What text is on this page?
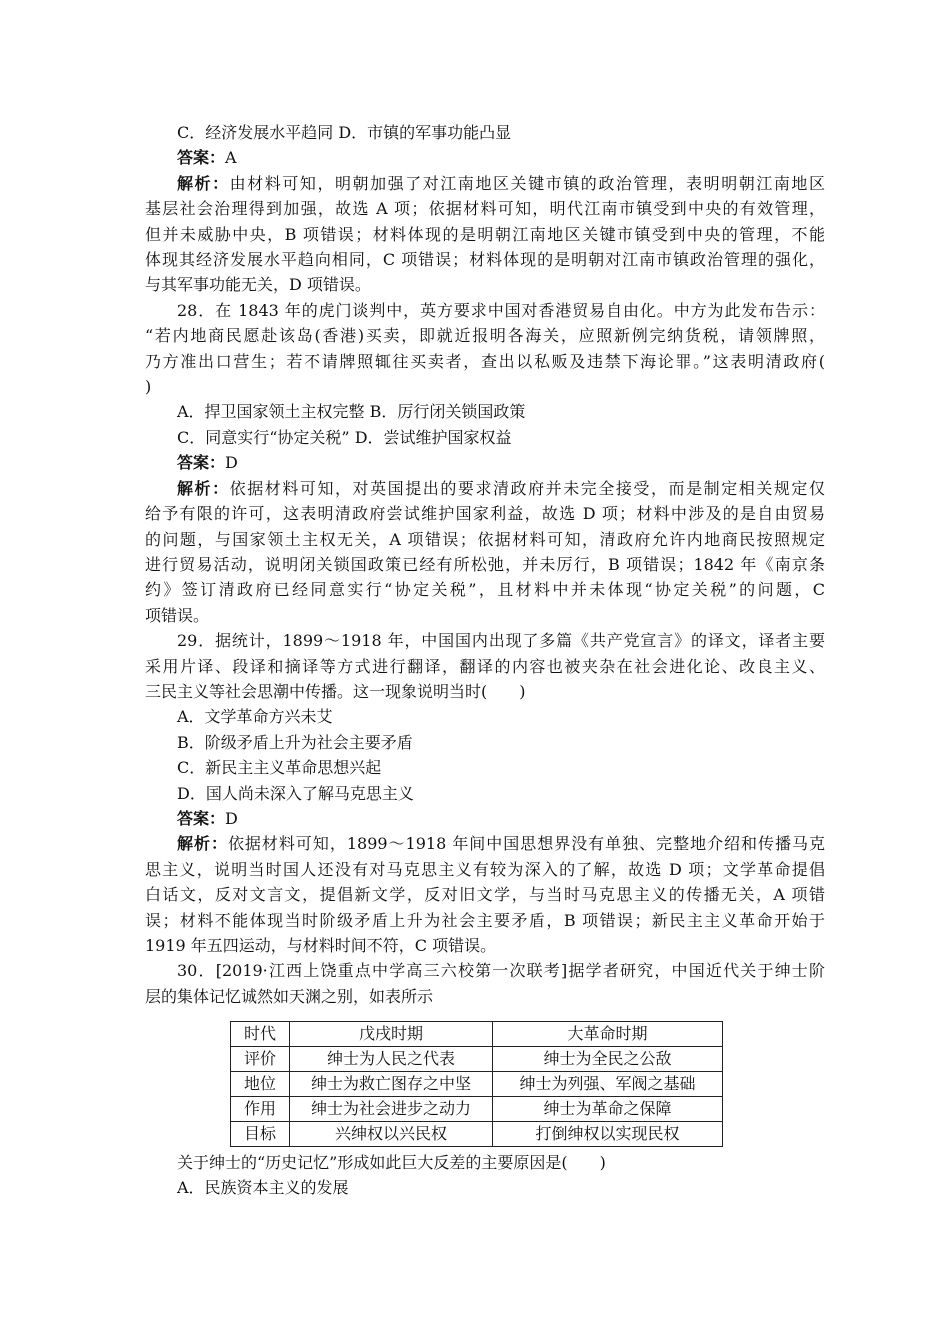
C．经济发展水平趋同 D．市镇的军事功能凸显
答案：A
解析：由材料可知，明朝加强了对江南地区关键市镇的政治管理，表明明朝江南地区
基层社会治理得到加强，故选 A 项；依据材料可知，明代江南市镇受到中央的有效管理，
但并未威胁中央，B 项错误；材料体现的是明朝江南地区关键市镇受到中央的管理，不能
体现其经济发展水平趋向相同，C 项错误；材料体现的是明朝对江南市镇政治管理的强化，
与其军事功能无关，D 项错误。
28．在 1843 年的虎门谈判中，英方要求中国对香港贸易自由化。中方为此发布告示：
“若内地商民愿赴该岛(香港)买卖，即就近报明各海关，应照新例完纳货税，请领牌照，
乃方准出口营生；若不请牌照辄往买卖者，查出以私贩及违禁下海论罪。”这表明清政府(
)
A．捍卫国家领土主权完整 B．厉行闭关锁国政策
C．同意实行“协定关税” D．尝试维护国家权益
答案：D
解析：依据材料可知，对英国提出的要求清政府并未完全接受，而是制定相关规定仅
给予有限的许可，这表明清政府尝试维护国家利益，故选 D 项；材料中涉及的是自由贸易
的问题，与国家领土主权无关，A 项错误；依据材料可知，清政府允许内地商民按照规定
进行贸易活动，说明闭关锁国政策已经有所松弛，并未厉行，B 项错误；1842 年《南京条
约》签订清政府已经同意实行“协定关税”，且材料中并未体现“协定关税”的问题，C
项错误。
29．据统计，1899～1918 年，中国国内出现了多篇《共产党宣言》的译文，译者主要
采用片译、段译和摘译等方式进行翻译，翻译的内容也被夹杂在社会进化论、改良主义、
三民主义等社会思潮中传播。这一现象说明当时(　　)
A．文学革命方兴未艾
B．阶级矛盾上升为社会主要矛盾
C．新民主主义革命思想兴起
D．国人尚未深入了解马克思主义
答案：D
解析：依据材料可知，1899～1918 年间中国思想界没有单独、完整地介绍和传播马克
思主义，说明当时国人还没有对马克思主义有较为深入的了解，故选 D 项；文学革命提倡
白话文，反对文言文，提倡新文学，反对旧文学，与当时马克思主义的传播无关，A 项错
误；材料不能体现当时阶级矛盾上升为社会主要矛盾，B 项错误；新民主主义革命开始于
1919 年五四运动，与材料时间不符，C 项错误。
30．[2019·江西上饶重点中学高三六校第一次联考]据学者研究，中国近代关于绅士阶
层的集体记忆诚然如天渊之别，如表所示
时代	戊戌时期	大革命时期
评价	绅士为人民之代表	绅士为全民之公敌
地位	绅士为救亡图存之中坚	绅士为列强、军阀之基础
作用	绅士为社会进步之动力	绅士为革命之保障
目标	兴绅权以兴民权	打倒绅权以实现民权
关于绅士的“历史记忆”形成如此巨大反差的主要原因是(　　)
A．民族资本主义的发展
